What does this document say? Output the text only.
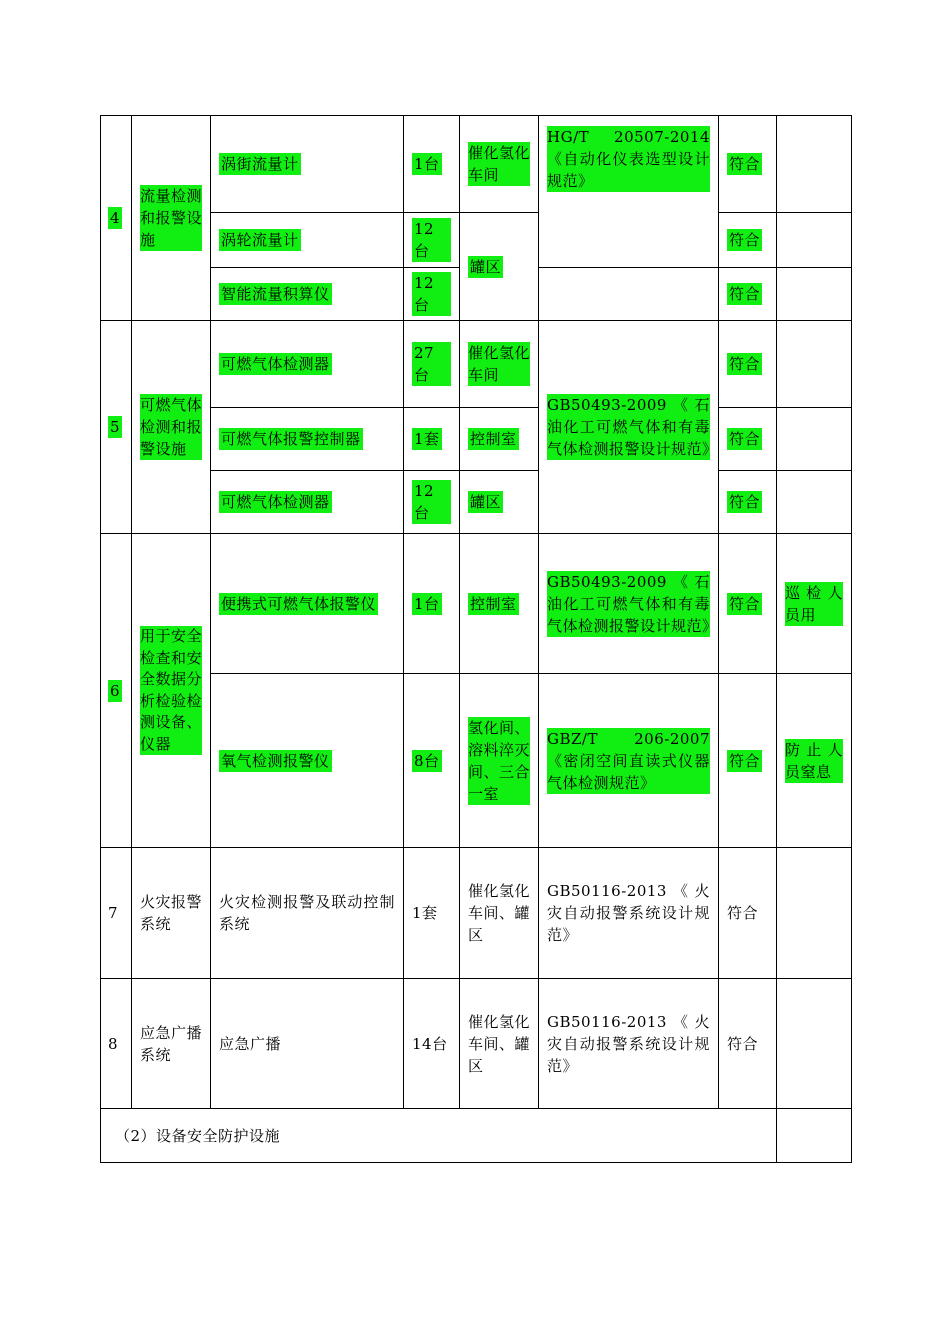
4	流量检测和报警设施	涡街流量计	1台	催化氢化车间	HG/T 20507-2014《自动化仪表选型设计规范》	符合	
		涡轮流量计	12台	罐区		符合	
		智能流量积算仪	12台			符合	
5	可燃气体检测和报警设施	可燃气体检测器	27台	催化氢化车间	GB50493-2009《石油化工可燃气体和有毒气体检测报警设计规范》	符合	
		可燃气体报警控制器	1套	控制室		符合	
		可燃气体检测器	12台	罐区		符合	
6	用于安全检查和安全数据分析检验检测设备、仪器	便携式可燃气体报警仪	1台	控制室	GB50493-2009《石油化工可燃气体和有毒气体检测报警设计规范》	符合	巡检人员用

		氧气检测报警仪	8台	氢化间、溶料淬灭间、三合一室	GBZ/T 206-2007《密闭空间直读式仪器气体检测规范》	符合	防止人员窒息

7	火灾报警系统	火灾检测报警及联动控制系统	1套	催化氢化车间、罐区	GB50116-2013《火灾自动报警系统设计规范》	符合	
8	应急广播系统	应急广播	14台	催化氢化车间、罐区	GB50116-2013《火灾自动报警系统设计规范》	符合	
（2）设备安全防护设施							
